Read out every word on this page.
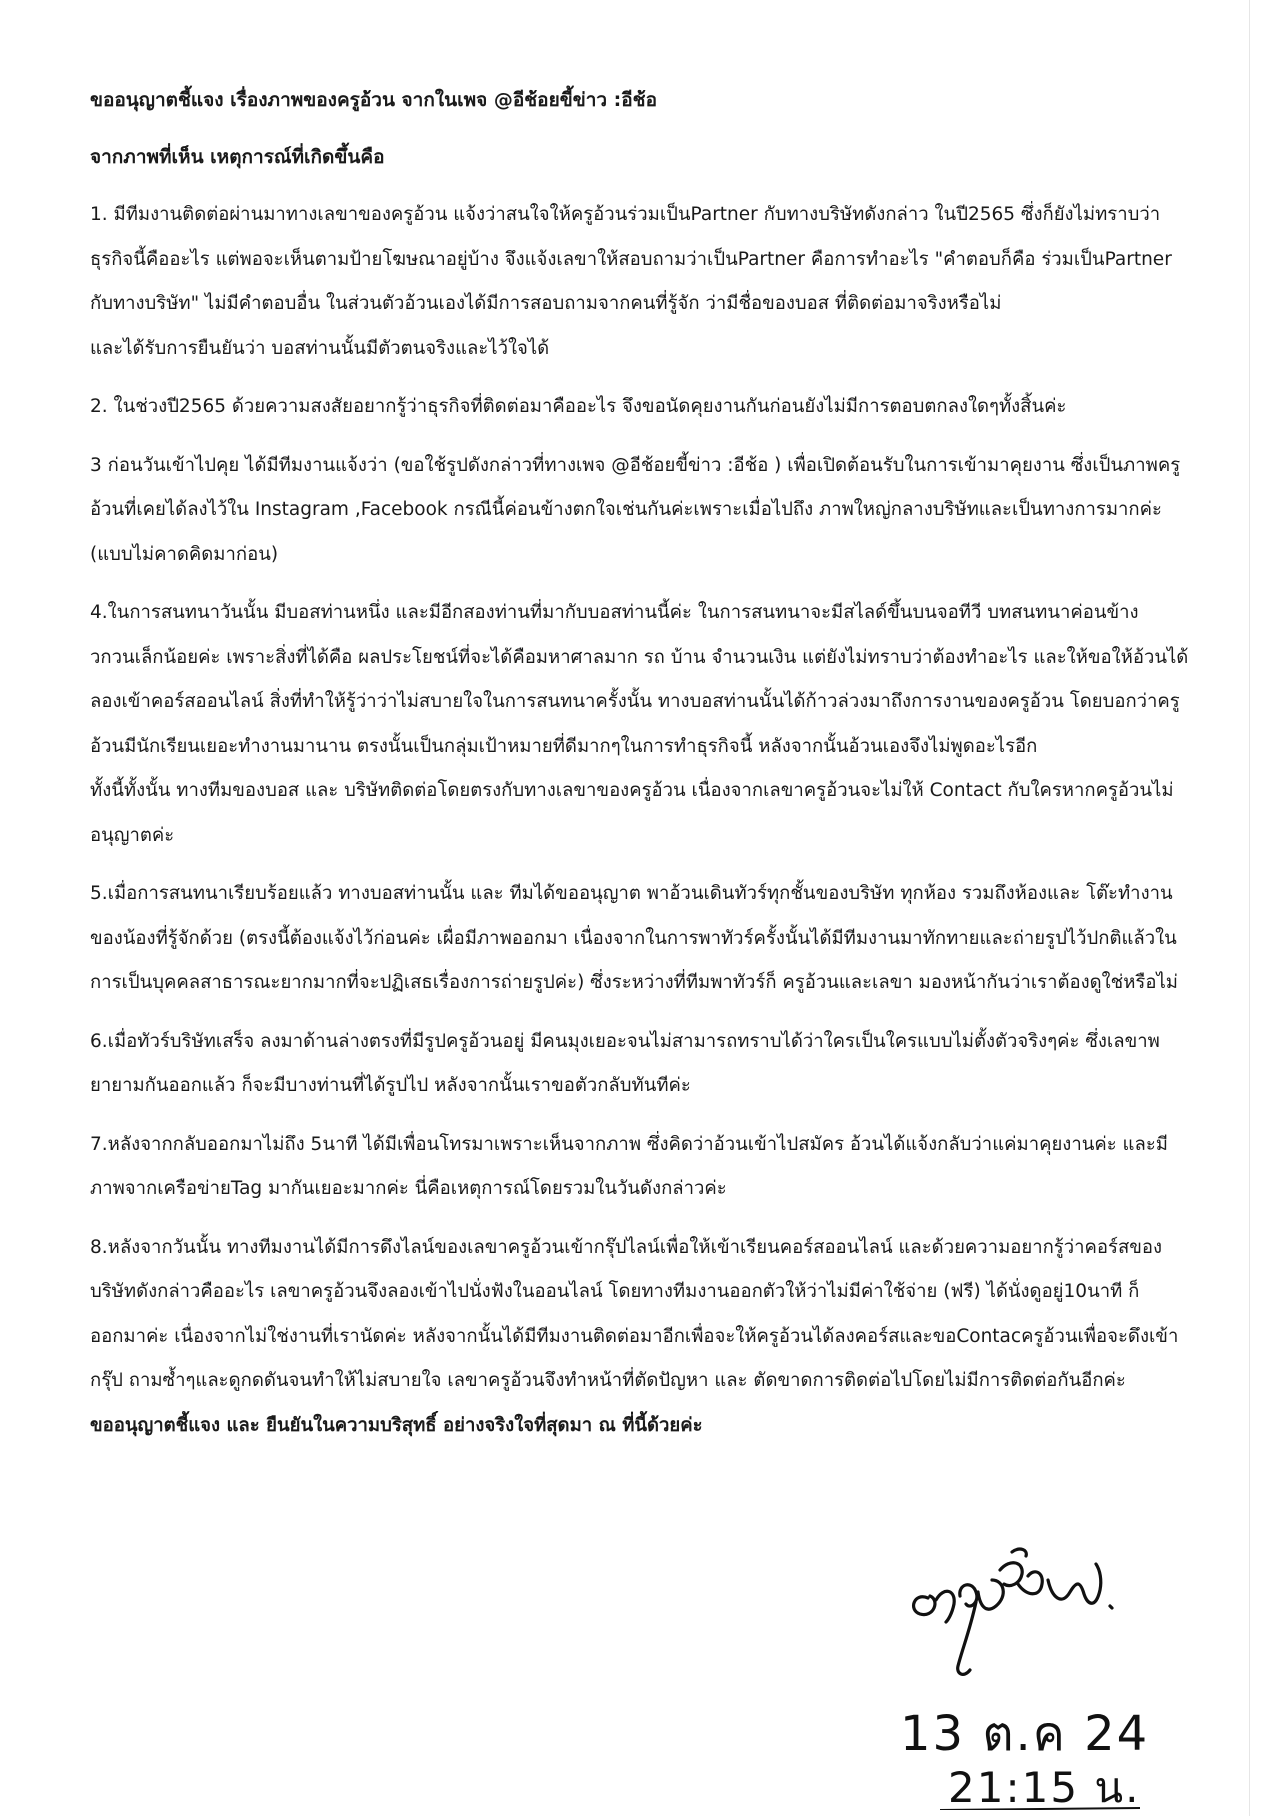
ขออนุญาตชี้แจง เรื่องภาพของครูอ้วน จากในเพจ @อีช้อยขี้ข่าว :อีช้อ

จากภาพที่เห็น เหตุการณ์ที่เกิดขึ้นคือ

1. มีทีมงานติดต่อผ่านมาทางเลขาของครูอ้วน แจ้งว่าสนใจให้ครูอ้วนร่วมเป็นPartner กับทางบริษัทดังกล่าว ในปี2565 ซึ่งก็ยังไม่ทราบว่า

ธุรกิจนี้คืออะไร แต่พอจะเห็นตามป้ายโฆษณาอยู่บ้าง จึงแจ้งเลขาให้สอบถามว่าเป็นPartner คือการทำอะไร "คำตอบก็คือ ร่วมเป็นPartner

กับทางบริษัท" ไม่มีคำตอบอื่น ในส่วนตัวอ้วนเองได้มีการสอบถามจากคนที่รู้จัก ว่ามีชื่อของบอส ที่ติดต่อมาจริงหรือไม่

และได้รับการยืนยันว่า บอสท่านนั้นมีตัวตนจริงและไว้ใจได้

2. ในช่วงปี2565 ด้วยความสงสัยอยากรู้ว่าธุรกิจที่ติดต่อมาคืออะไร จึงขอนัดคุยงานกันก่อนยังไม่มีการตอบตกลงใดๆทั้งสิ้นค่ะ

3 ก่อนวันเข้าไปคุย ได้มีทีมงานแจ้งว่า (ขอใช้รูปดังกล่าวที่ทางเพจ @อีช้อยขี้ข่าว :อีช้อ ) เพื่อเปิดต้อนรับในการเข้ามาคุยงาน ซึ่งเป็นภาพครู

อ้วนที่เคยได้ลงไว้ใน Instagram ,Facebook กรณีนี้ค่อนข้างตกใจเช่นกันค่ะเพราะเมื่อไปถึง ภาพใหญ่กลางบริษัทและเป็นทางการมากค่ะ

(แบบไม่คาดคิดมาก่อน)

4.ในการสนทนาวันนั้น มีบอสท่านหนึ่ง และมีอีกสองท่านที่มากับบอสท่านนี้ค่ะ ในการสนทนาจะมีสไลด์ขึ้นบนจอทีวี บทสนทนาค่อนข้าง

วกวนเล็กน้อยค่ะ เพราะสิ่งที่ได้คือ ผลประโยชน์ที่จะได้คือมหาศาลมาก รถ บ้าน จำนวนเงิน แต่ยังไม่ทราบว่าต้องทำอะไร และให้ขอให้อ้วนได้

ลองเข้าคอร์สออนไลน์ สิ่งที่ทำให้รู้ว่าว่าไม่สบายใจในการสนทนาครั้งนั้น ทางบอสท่านนั้นได้ก้าวล่วงมาถึงการงานของครูอ้วน โดยบอกว่าครู

อ้วนมีนักเรียนเยอะทำงานมานาน ตรงนั้นเป็นกลุ่มเป้าหมายที่ดีมากๆในการทำธุรกิจนี้ หลังจากนั้นอ้วนเองจึงไม่พูดอะไรอีก

ทั้งนี้ทั้งนั้น ทางทีมของบอส และ บริษัทติดต่อโดยตรงกับทางเลขาของครูอ้วน เนื่องจากเลขาครูอ้วนจะไม่ให้ Contact กับใครหากครูอ้วนไม่

อนุญาตค่ะ

5.เมื่อการสนทนาเรียบร้อยแล้ว ทางบอสท่านนั้น และ ทีมได้ขออนุญาต พาอ้วนเดินทัวร์ทุกชั้นของบริษัท ทุกห้อง รวมถึงห้องและ โต๊ะทำงาน

ของน้องที่รู้จักด้วย (ตรงนี้ต้องแจ้งไว้ก่อนค่ะ เผื่อมีภาพออกมา เนื่องจากในการพาทัวร์ครั้งนั้นได้มีทีมงานมาทักทายและถ่ายรูปไว้ปกติแล้วใน

การเป็นบุคคลสาธารณะยากมากที่จะปฏิเสธเรื่องการถ่ายรูปค่ะ) ซึ่งระหว่างที่ทีมพาทัวร์ก็ ครูอ้วนและเลขา มองหน้ากันว่าเราต้องดูใช่หรือไม่

6.เมื่อทัวร์บริษัทเสร็จ ลงมาด้านล่างตรงที่มีรูปครูอ้วนอยู่ มีคนมุงเยอะจนไม่สามารถทราบได้ว่าใครเป็นใครแบบไม่ตั้งตัวจริงๆค่ะ ซึ่งเลขาพ

ยายามกันออกแล้ว ก็จะมีบางท่านที่ได้รูปไป หลังจากนั้นเราขอตัวกลับทันทีค่ะ

7.หลังจากกลับออกมาไม่ถึง 5นาที ได้มีเพื่อนโทรมาเพราะเห็นจากภาพ ซึ่งคิดว่าอ้วนเข้าไปสมัคร อ้วนได้แจ้งกลับว่าแค่มาคุยงานค่ะ และมี

ภาพจากเครือข่ายTag มากันเยอะมากค่ะ นี่คือเหตุการณ์โดยรวมในวันดังกล่าวค่ะ

8.หลังจากวันนั้น ทางทีมงานได้มีการดึงไลน์ของเลขาครูอ้วนเข้ากรุ๊ปไลน์เพื่อให้เข้าเรียนคอร์สออนไลน์ และด้วยความอยากรู้ว่าคอร์สของ

บริษัทดังกล่าวคืออะไร เลขาครูอ้วนจึงลองเข้าไปนั่งฟังในออนไลน์ โดยทางทีมงานออกตัวให้ว่าไม่มีค่าใช้จ่าย (ฟรี) ได้นั่งดูอยู่10นาที ก็

ออกมาค่ะ เนื่องจากไม่ใช่งานที่เรานัดค่ะ หลังจากนั้นได้มีทีมงานติดต่อมาอีกเพื่อจะให้ครูอ้วนได้ลงคอร์สและขอContacครูอ้วนเพื่อจะดึงเข้า

กรุ๊ป ถามซ้ำๆและดูกดดันจนทำให้ไม่สบายใจ เลขาครูอ้วนจึงทำหน้าที่ตัดปัญหา และ ตัดขาดการติดต่อไปโดยไม่มีการติดต่อกันอีกค่ะ

ขออนุญาตชี้แจง และ ยืนยันในความบริสุทธิ์ อย่างจริงใจที่สุดมา ณ ที่นี้ด้วยค่ะ

13 ต.ค 24
21:15 น.
